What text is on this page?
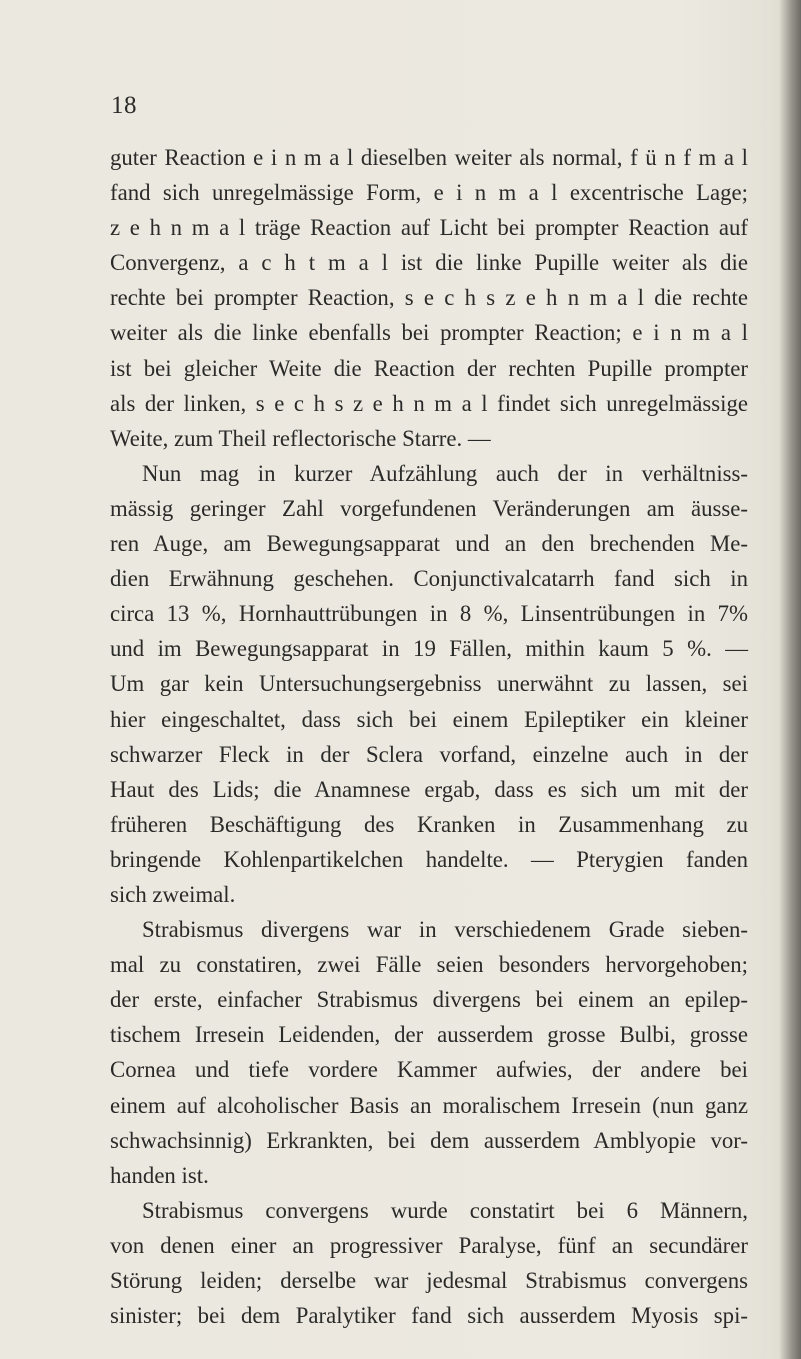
18
guter Reaction e i n m a l dieselben weiter als normal, f ü n f m a l
fand sich unregelmässige Form, e i n m a l excentrische Lage;
z e h n m a l träge Reaction auf Licht bei prompter Reaction auf
Convergenz, a c h t m a l ist die linke Pupille weiter als die
rechte bei prompter Reaction, s e c h s z e h n m a l die rechte
weiter als die linke ebenfalls bei prompter Reaction; e i n m a l
ist bei gleicher Weite die Reaction der rechten Pupille prompter
als der linken, s e c h s z e h n m a l findet sich unregelmässige
Weite, zum Theil reflectorische Starre. —
Nun mag in kurzer Aufzählung auch der in verhältniss-
mässig geringer Zahl vorgefundenen Veränderungen am äusse-
ren Auge, am Bewegungsapparat und an den brechenden Me-
dien Erwähnung geschehen. Conjunctivalcatarrh fand sich in
circa 13 %, Hornhauttrübungen in 8 %, Linsentrübungen in 7%
und im Bewegungsapparat in 19 Fällen, mithin kaum 5 %. —
Um gar kein Untersuchungsergebniss unerwähnt zu lassen, sei
hier eingeschaltet, dass sich bei einem Epileptiker ein kleiner
schwarzer Fleck in der Sclera vorfand, einzelne auch in der
Haut des Lids; die Anamnese ergab, dass es sich um mit der
früheren Beschäftigung des Kranken in Zusammenhang zu
bringende Kohlenpartikelchen handelte. — Pterygien fanden
sich zweimal.
Strabismus divergens war in verschiedenem Grade sieben-
mal zu constatiren, zwei Fälle seien besonders hervorgehoben;
der erste, einfacher Strabismus divergens bei einem an epilep-
tischem Irresein Leidenden, der ausserdem grosse Bulbi, grosse
Cornea und tiefe vordere Kammer aufwies, der andere bei
einem auf alcoholischer Basis an moralischem Irresein (nun ganz
schwachsinnig) Erkrankten, bei dem ausserdem Amblyopie vor-
handen ist.
Strabismus convergens wurde constatirt bei 6 Männern,
von denen einer an progressiver Paralyse, fünf an secundärer
Störung leiden; derselbe war jedesmal Strabismus convergens
sinister; bei dem Paralytiker fand sich ausserdem Myosis spi-
